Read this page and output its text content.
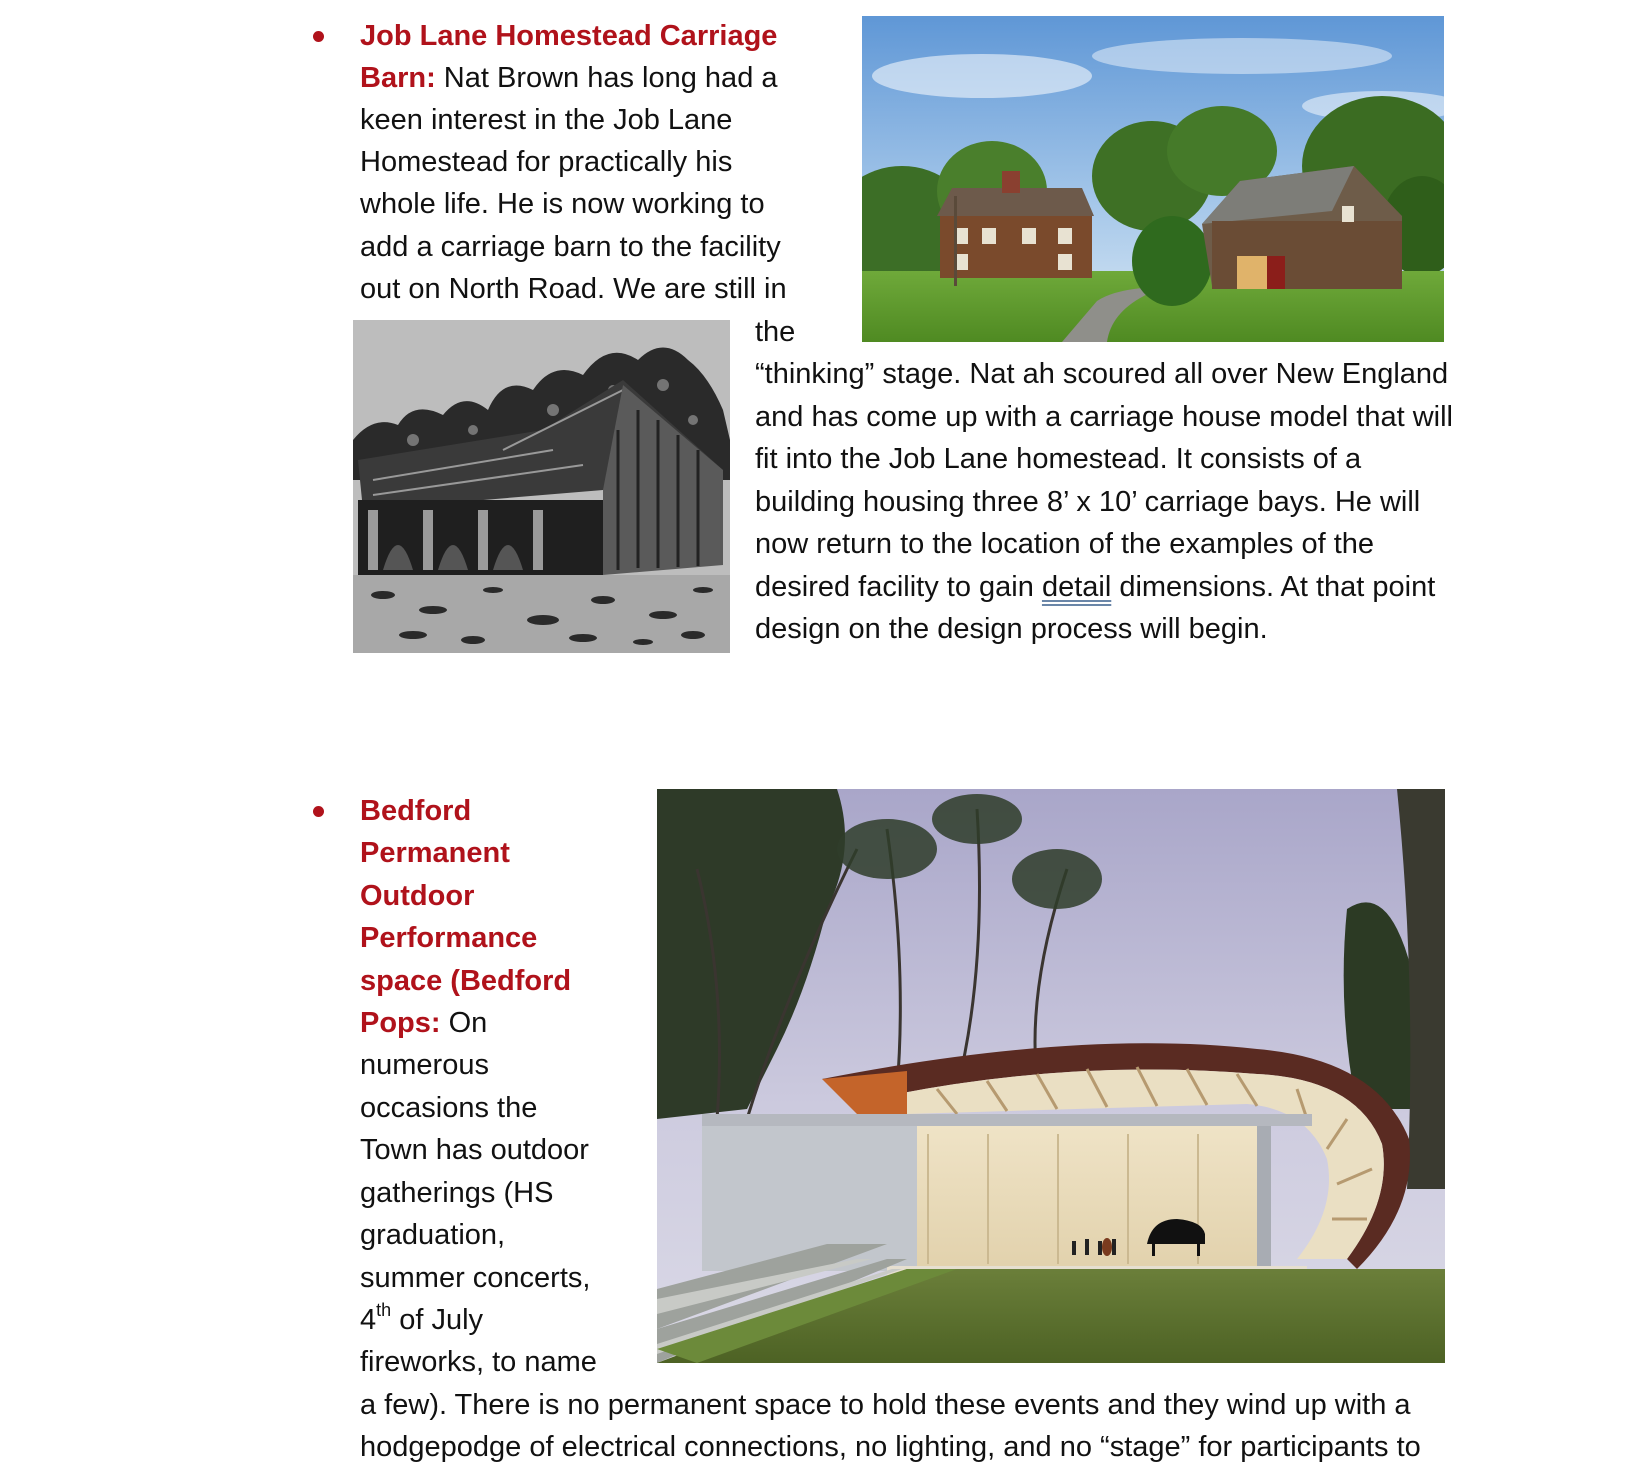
Job Lane Homestead Carriage
Barn: Nat Brown has long had a
keen interest in the Job Lane
Homestead for practically his
whole life. He is now working to
add a carriage barn to the facility
out on North Road. We are still in
the
“thinking” stage. Nat ah scoured all over New England
and has come up with a carriage house model that will
fit into the Job Lane homestead. It consists of a
building housing three 8’ x 10’ carriage bays. He will
now return to the location of the examples of the
desired facility to gain detail dimensions. At that point
design on the design process will begin.
Bedford
Permanent
Outdoor
Performance
space (Bedford
Pops: On
numerous
occasions the
Town has outdoor
gatherings (HS
graduation,
summer concerts,
4th of July
fireworks, to name
a few). There is no permanent space to hold these events and they wind up with a
hodgepodge of electrical connections, no lighting, and no “stage” for participants to
